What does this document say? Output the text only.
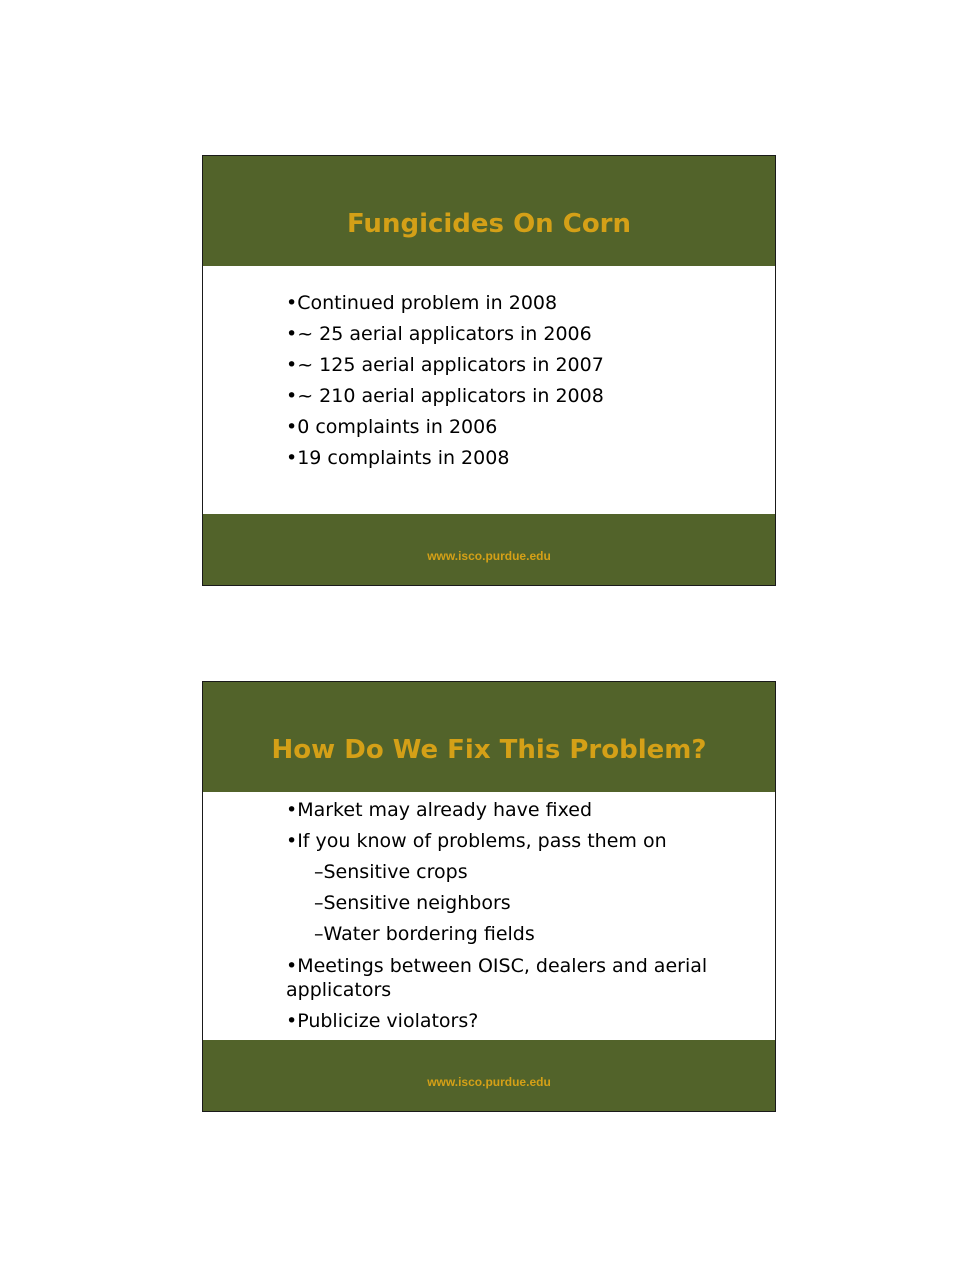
Fungicides On Corn
•Continued problem in 2008
•~ 25 aerial applicators in 2006
•~ 125 aerial applicators in 2007
•~ 210 aerial applicators in 2008
•0 complaints in 2006
•19 complaints in 2008
www.isco.purdue.edu
How Do We Fix This Problem?
•Market may already have fixed
•If you know of problems, pass them on
–Sensitive crops
–Sensitive neighbors
–Water bordering fields
•Meetings between OISC, dealers and aerial applicators
•Publicize violators?
www.isco.purdue.edu
